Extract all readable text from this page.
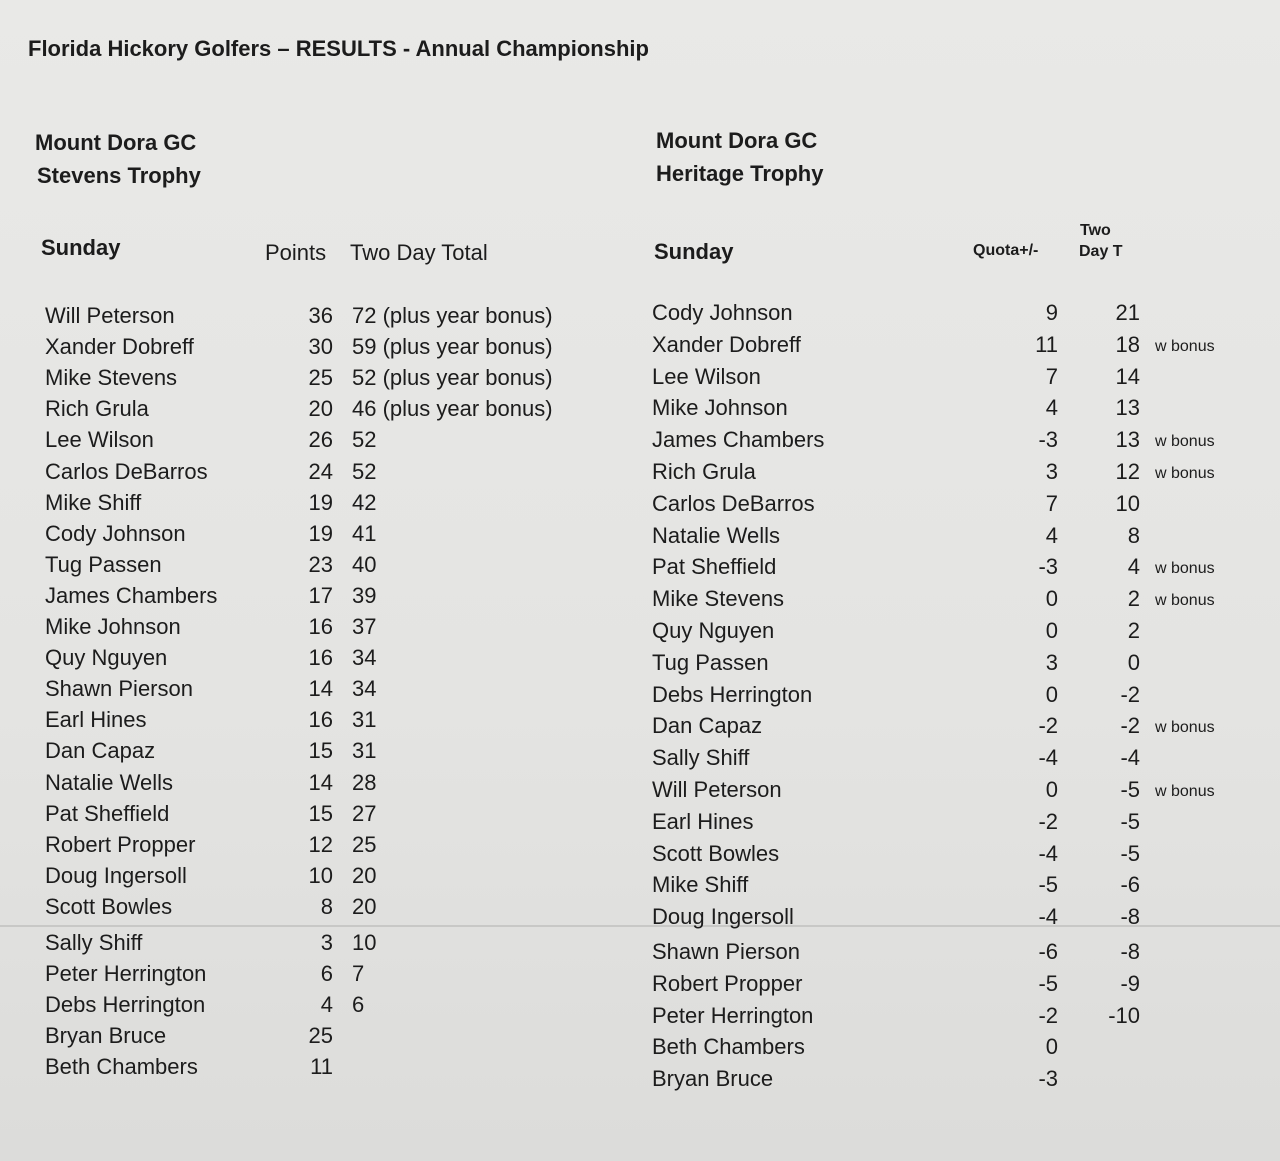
Florida Hickory Golfers – RESULTS - Annual Championship
Mount Dora GC
Stevens Trophy
Sunday	Points Two Day Total
Mount Dora GC
Heritage Trophy
Sunday	Quota+/-
Two
Day T
Will Peterson	36 72 (plus year bonus)
Xander Dobreff	30 59 (plus year bonus)
Mike Stevens	25 52 (plus year bonus)
Rich Grula	20 46 (plus year bonus)
Lee Wilson	26 52
Carlos DeBarros	24 52
Mike Shiff	19 42
Cody Johnson	19 41
Tug Passen	23 40
James Chambers	17 39
Mike Johnson	16 37
Quy Nguyen	16 34
Shawn Pierson	14 34
Earl Hines	16 31
Dan Capaz	15 31
Natalie Wells	14 28
Pat Sheffield	15 27
Robert Propper	12 25
Doug Ingersoll	10 20
Scott Bowles	8 20
Sally Shiff	3 10
Peter Herrington	6 7
Debs Herrington	4 6
Bryan Bruce	25
Beth Chambers	11
Cody Johnson	9	21
Xander Dobreff	11	18 w bonus
Lee Wilson	7	14
Mike Johnson	4	13
James Chambers	-3	13 w bonus
Rich Grula	3	12 w bonus
Carlos DeBarros	7	10
Natalie Wells	4	8
Pat Sheffield	-3	4 w bonus
Mike Stevens	0	2 w bonus
Quy Nguyen	0	2
Tug Passen	3	0
Debs Herrington	0	-2
Dan Capaz	-2	-2 w bonus
Sally Shiff	-4	-4
Will Peterson	0	-5 w bonus
Earl Hines	-2	-5
Scott Bowles	-4	-5
Mike Shiff	-5	-6
Doug Ingersoll	-4	-8
Shawn Pierson	-6	-8
Robert Propper	-5	-9
Peter Herrington	-2 -10
Beth Chambers	0
Bryan Bruce	-3
